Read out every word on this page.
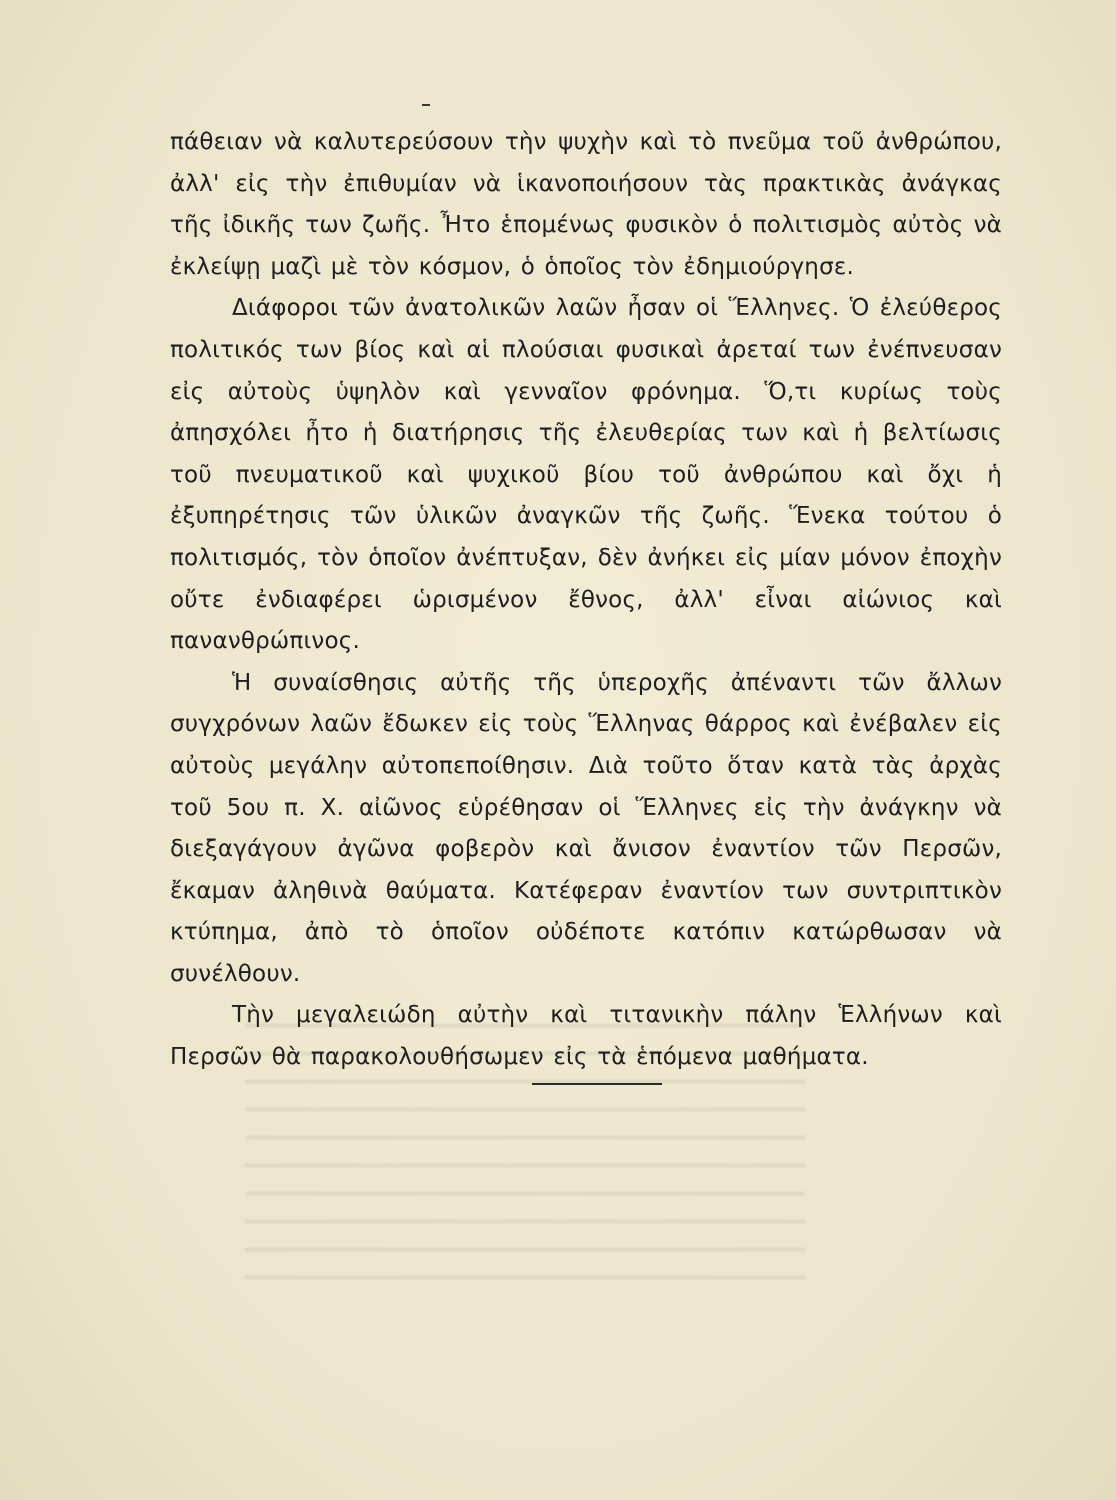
πάθειαν νὰ καλυτερεύσουν τὴν ψυχὴν καὶ τὸ πνεῦμα τοῦ ἀνθρώπου, ἀλλ' εἰς τὴν ἐπιθυμίαν νὰ ἱκανοποιήσουν τὰς πρακτικὰς ἀνάγκας τῆς ἰδικῆς των ζωῆς. Ἦτο ἑπομένως φυσικὸν ὁ πολιτισμὸς αὐτὸς νὰ ἐκλείψῃ μαζὶ μὲ τὸν κόσμον, ὁ ὁποῖος τὸν ἐδημιούργησε.

Διάφοροι τῶν ἀνατολικῶν λαῶν ἦσαν οἱ Ἕλληνες. Ὁ ἐλεύθερος πολιτικός των βίος καὶ αἱ πλούσιαι φυσικαὶ ἀρεταί των ἐνέπνευσαν εἰς αὐτοὺς ὑψηλὸν καὶ γενναῖον φρόνημα. Ὅ,τι κυρίως τοὺς ἀπησχόλει ἦτο ἡ διατήρησις τῆς ἐλευθερίας των καὶ ἡ βελτίωσις τοῦ πνευματικοῦ καὶ ψυχικοῦ βίου τοῦ ἀνθρώπου καὶ ὄχι ἡ ἐξυπηρέτησις τῶν ὑλικῶν ἀναγκῶν τῆς ζωῆς. Ἕνεκα τούτου ὁ πολιτισμός, τὸν ὁποῖον ἀνέπτυξαν, δὲν ἀνήκει εἰς μίαν μόνον ἐποχὴν οὔτε ἐνδιαφέρει ὡρισμένον ἔθνος, ἀλλ' εἶναι αἰώνιος καὶ πανανθρώπινος.

Ἡ συναίσθησις αὐτῆς τῆς ὑπεροχῆς ἀπέναντι τῶν ἄλλων συγχρόνων λαῶν ἔδωκεν εἰς τοὺς Ἕλληνας θάρρος καὶ ἐνέβαλεν εἰς αὐτοὺς μεγάλην αὐτοπεποίθησιν. Διὰ τοῦτο ὅταν κατὰ τὰς ἀρχὰς τοῦ 5ου π. Χ. αἰῶνος εὑρέθησαν οἱ Ἕλληνες εἰς τὴν ἀνάγκην νὰ διεξαγάγουν ἀγῶνα φοβερὸν καὶ ἄνισον ἐναντίον τῶν Περσῶν, ἔκαμαν ἀληθινὰ θαύματα. Κατέφεραν ἐναντίον των συντριπτικὸν κτύπημα, ἀπὸ τὸ ὁποῖον οὐδέποτε κατόπιν κατώρθωσαν νὰ συνέλθουν.

Τὴν μεγαλειώδη αὐτὴν καὶ τιτανικὴν πάλην Ἑλλήνων καὶ Περσῶν θὰ παρακολουθήσωμεν εἰς τὰ ἑπόμενα μαθήματα.
